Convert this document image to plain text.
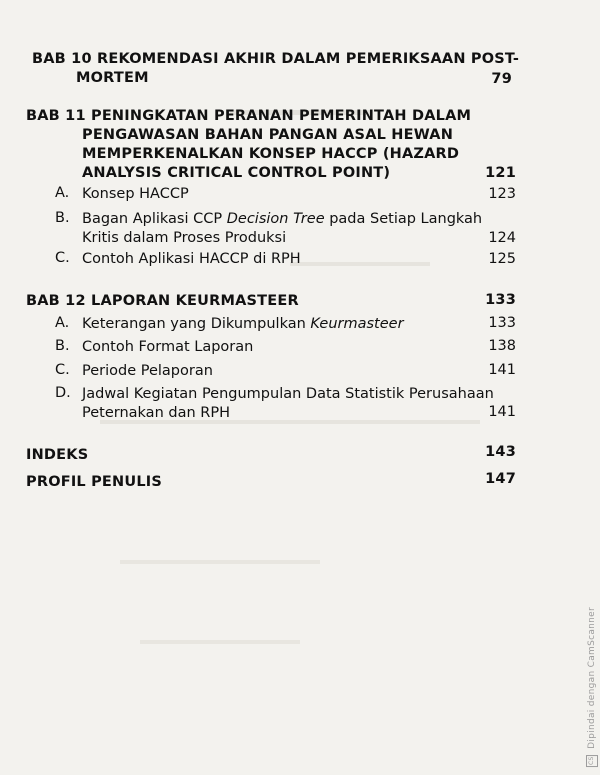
BAB 10 REKOMENDASI AKHIR DALAM PEMERIKSAAN POST-
MORTEM	79
BAB 11 PENINGKATAN PERANAN PEMERINTAH DALAM
PENGAWASAN BAHAN PANGAN ASAL HEWAN
MEMPERKENALKAN KONSEP HACCP (HAZARD
ANALYSIS CRITICAL CONTROL POINT)	121
A. Konsep HACCP	123
B. Bagan Aplikasi CCP Decision Tree pada Setiap Langkah
Kritis dalam Proses Produksi	124
C. Contoh Aplikasi HACCP di RPH	125
BAB 12 LAPORAN KEURMASTEER	133
A. Keterangan yang Dikumpulkan Keurmasteer	133
B. Contoh Format Laporan	138
C. Periode Pelaporan	141
D. Jadwal Kegiatan Pengumpulan Data Statistik Perusahaan
Peternakan dan RPH	141
INDEKS	143
PROFIL PENULIS	147
CS Dipindai dengan CamScanner
